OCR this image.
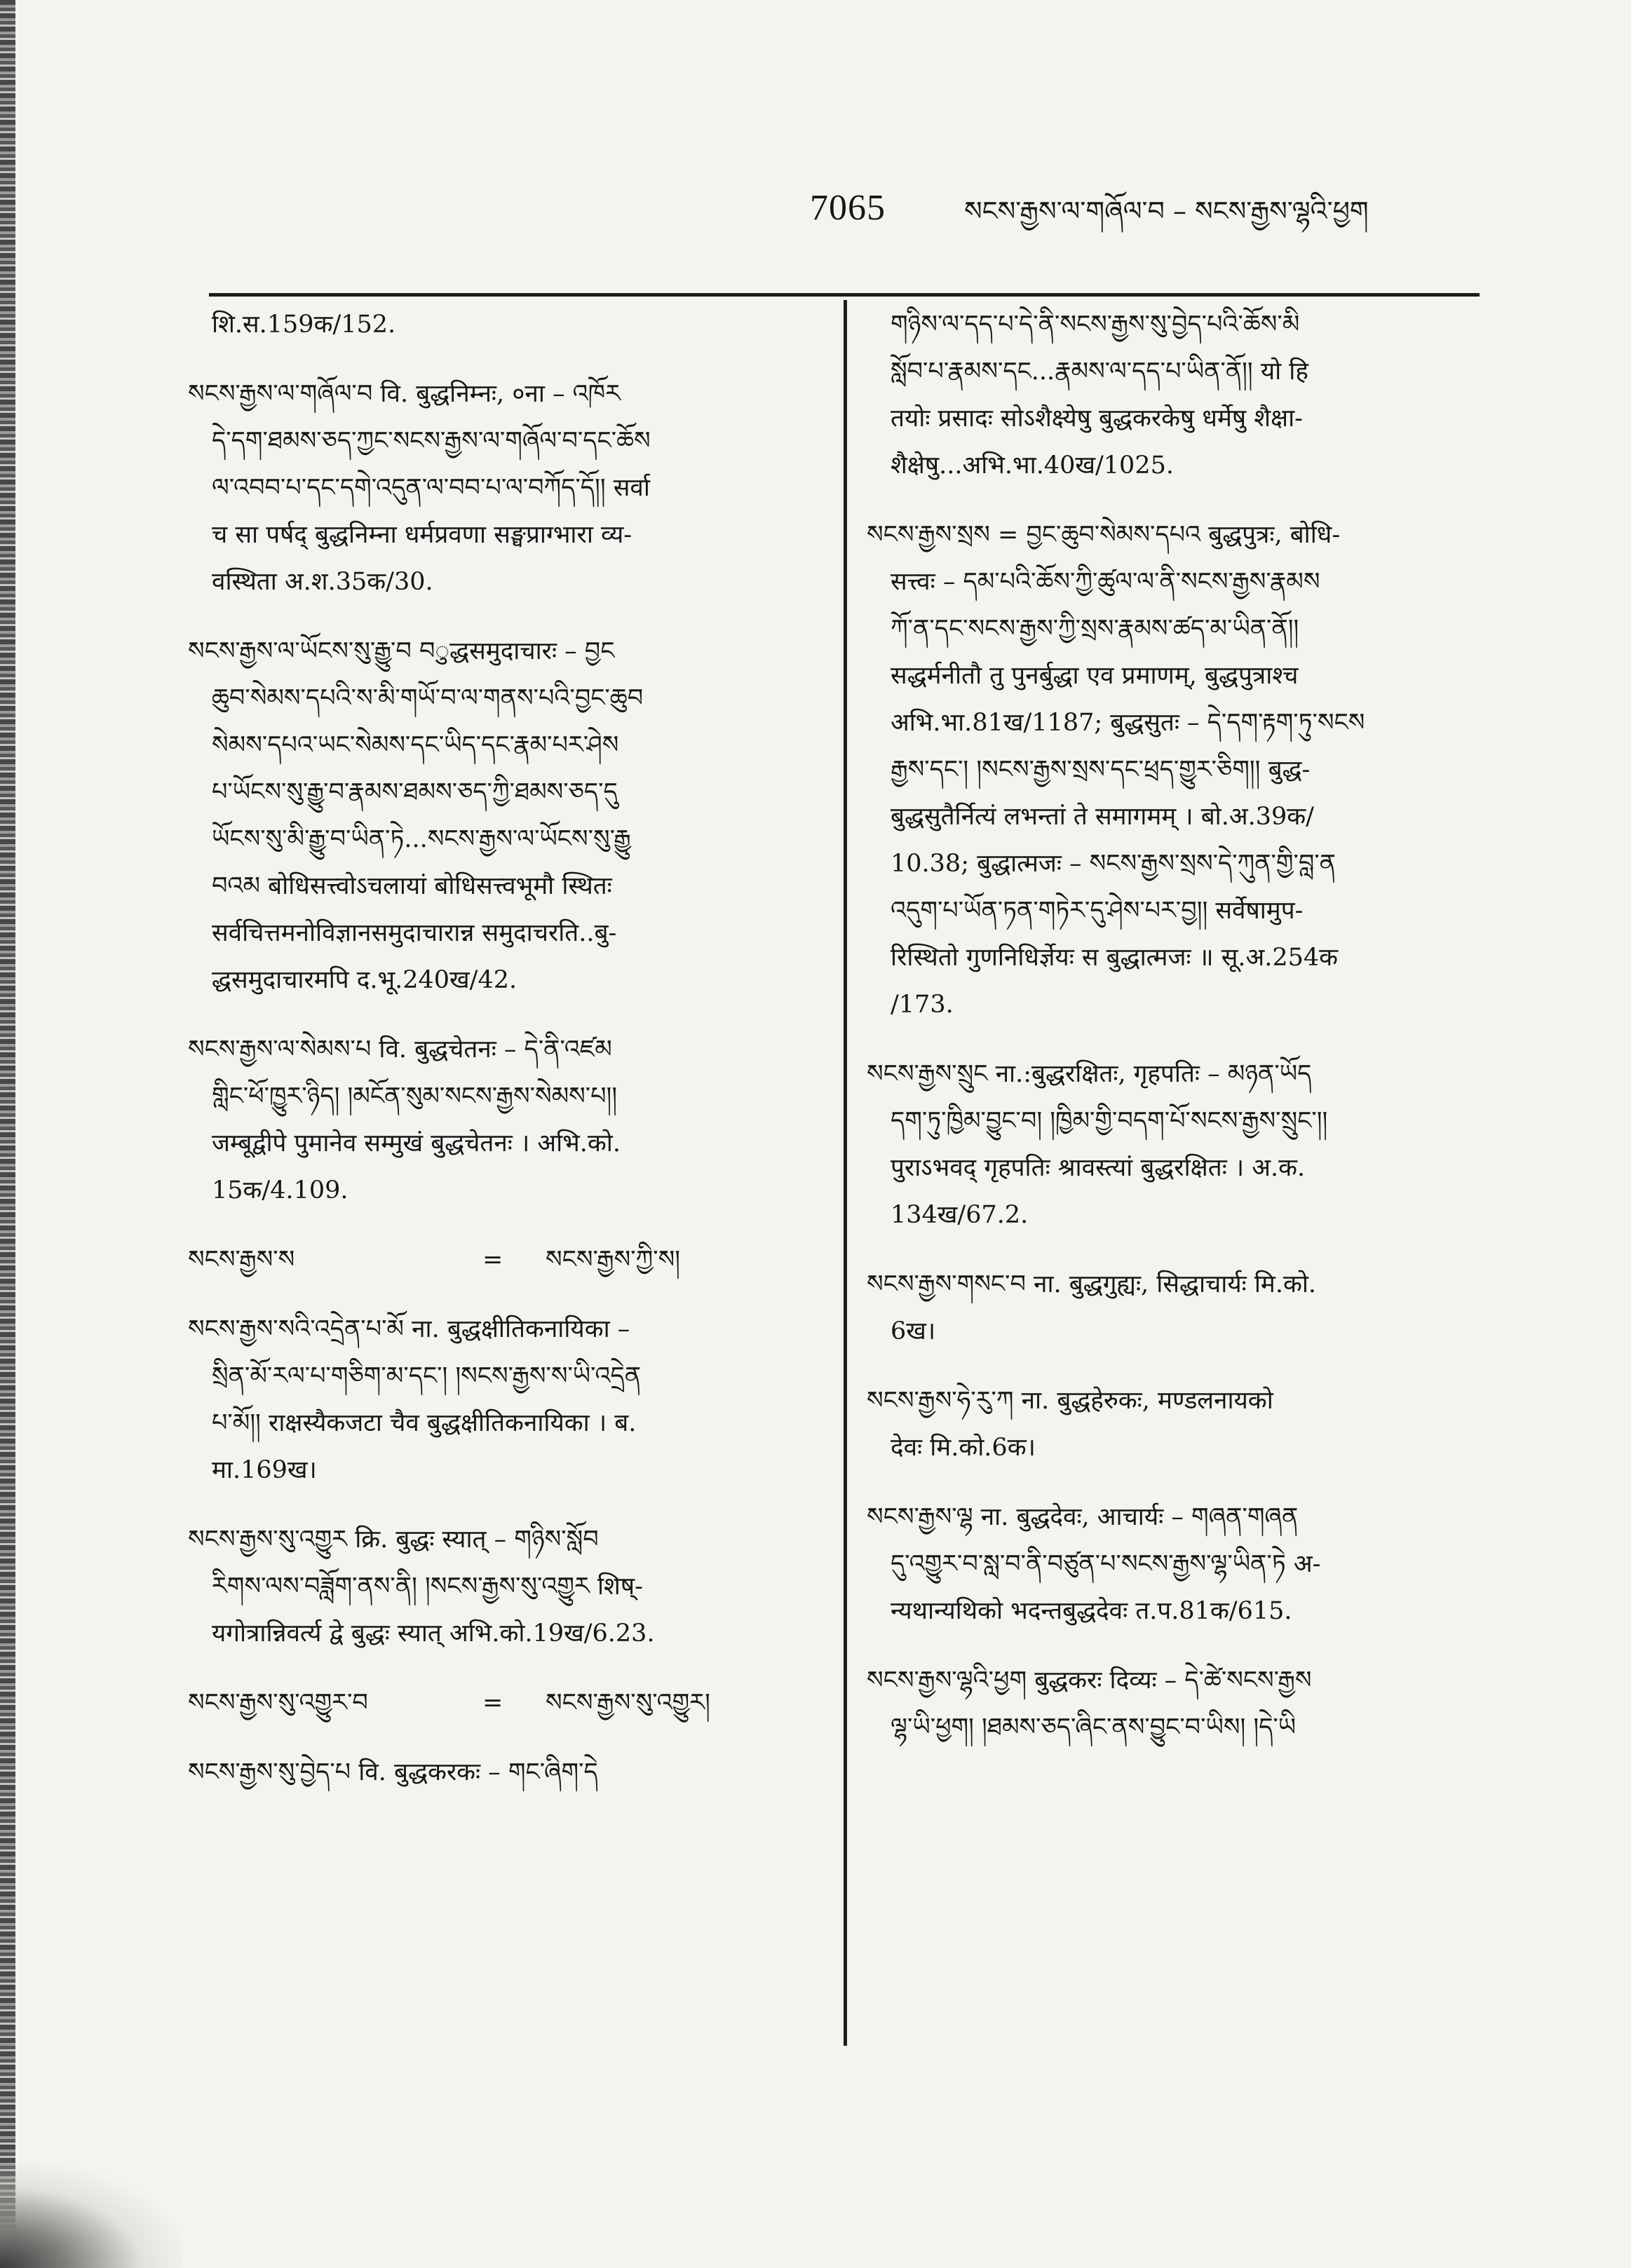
7065	སངས་རྒྱས་ལ་གཞོལ་བ – སངས་རྒྱས་ལྷའི་ཕྱག
शि.स.159क/152.
སངས་རྒྱས་ལ་གཞོལ་བ वि. बुद्धनिम्नः, ०ना – འཁོར
དེ་དག་ཐམས་ཅད་ཀྱང་སངས་རྒྱས་ལ་གཞོལ་བ་དང་ཆོས
ལ་འབབ་པ་དང་དགེ་འདུན་ལ་བབ་པ་ལ་བཀོད་དོ།། सर्वा
च सा पर्षद् बुद्धनिम्ना धर्मप्रवणा सङ्घप्राग्भारा व्य-
वस्थिता अ.श.35क/30.
སངས་རྒྱས་ལ་ཡོངས་སུ་རྒྱུ་བ བुद्धसमुदाचारः – བྱང
ཆུབ་སེམས་དཔའི་ས་མི་གཡོ་བ་ལ་གནས་པའི་བྱང་ཆུབ
སེམས་དཔའ་ཡང་སེམས་དང་ཡིད་དང་རྣམ་པར་ཤེས
པ་ཡོངས་སུ་རྒྱུ་བ་རྣམས་ཐམས་ཅད་ཀྱི་ཐམས་ཅད་དུ
ཡོངས་སུ་མི་རྒྱུ་བ་ཡིན་ཏེ...སངས་རྒྱས་ལ་ཡོངས་སུ་རྒྱུ
བའམ बोधिसत्त्वोऽचलायां बोधिसत्त्वभूमौ स्थितः
सर्वचित्तमनोविज्ञानसमुदाचारान्न समुदाचरति..बु-
द्धसमुदाचारमपि द.भू.240ख/42.
སངས་རྒྱས་ལ་སེམས་པ वि. बुद्धचेतनः – དེ་ནི་འཛམ
གླིང་ཕོ་ཁྱུར་ཉིད། །མངོན་སུམ་སངས་རྒྱས་སེམས་པ།།
जम्बूद्वीपे पुमानेव सम्मुखं बुद्धचेतनः । अभि.को.
15क/4.109.
སངས་རྒྱས་ས	=	སངས་རྒྱས་ཀྱི་ས།
སངས་རྒྱས་སའི་འདྲེན་པ་མོ ना. बुद्धक्षीतिकनायिका –
སྲིན་མོ་རལ་པ་གཅིག་མ་དང་། །སངས་རྒྱས་ས་ཡི་འདྲེན
པ་མོ།། राक्षस्यैकजटा चैव बुद्धक्षीतिकनायिका । ब.
मा.169ख।
སངས་རྒྱས་སུ་འགྱུར क्रि. बुद्धः स्यात् – གཉིས་སློབ
རིགས་ལས་བཟློག་ནས་ནི། །སངས་རྒྱས་སུ་འགྱུར शिष्-
यगोत्रान्निवर्त्य द्वे बुद्धः स्यात् अभि.को.19ख/6.23.
སངས་རྒྱས་སུ་འགྱུར་བ	=	སངས་རྒྱས་སུ་འགྱུར།
སངས་རྒྱས་སུ་བྱེད་པ वि. बुद्धकरकः – གང་ཞིག་དེ
གཉིས་ལ་དད་པ་དེ་ནི་སངས་རྒྱས་སུ་བྱེད་པའི་ཆོས་མི
སློབ་པ་རྣམས་དང...རྣམས་ལ་དད་པ་ཡིན་ནོ།། यो हि
तयोः प्रसादः सोऽशैक्ष्येषु बुद्धकरकेषु धर्मेषु शैक्षा-
शैक्षेषु...अभि.भा.40ख/1025.
སངས་རྒྱས་སྲས = བྱང་ཆུབ་སེམས་དཔའ बुद्धपुत्रः, बोधि-
सत्त्वः – དམ་པའི་ཆོས་ཀྱི་ཚུལ་ལ་ནི་སངས་རྒྱས་རྣམས
ཀོ་ན་དང་སངས་རྒྱས་ཀྱི་སྲས་རྣམས་ཚད་མ་ཡིན་ནོ།།
सद्धर्मनीतौ तु पुनर्बुद्धा एव प्रमाणम्, बुद्धपुत्राश्च
अभि.भा.81ख/1187; बुद्धसुतः – དེ་དག་རྟག་ཏུ་སངས
རྒྱས་དང་། །སངས་རྒྱས་སྲས་དང་ཕྲད་གྱུར་ཅིག།། बुद्ध-
बुद्धसुतैर्नित्यं लभन्तां ते समागमम् । बो.अ.39क/
10.38; बुद्धात्मजः – སངས་རྒྱས་སྲས་དེ་ཀུན་གྱི་བླ་ན
འདུག་པ་ཡོན་ཏན་གཏེར་དུ་ཤེས་པར་བྱ།། सर्वेषामुप-
रिस्थितो गुणनिधिर्ज्ञेयः स बुद्धात्मजः ॥ सू.अ.254क
/173.
སངས་རྒྱས་སྲུང ना.:बुद्धरक्षितः, गृहपतिः – མཉན་ཡོད
དག་ཏུ་ཁྱིམ་བྱུང་བ། །ཁྱིམ་གྱི་བདག་པོ་སངས་རྒྱས་སྲུང་།།
पुराऽभवद् गृहपतिः श्रावस्त्यां बुद्धरक्षितः । अ.क.
134ख/67.2.
སངས་རྒྱས་གསང་བ ना. बुद्धगुह्यः, सिद्धाचार्यः मि.को.
6ख।
སངས་རྒྱས་ཧེ་རུ་ཀ ना. बुद्धहेरुकः, मण्डलनायको
देवः मि.को.6क।
སངས་རྒྱས་ལྷ ना. बुद्धदेवः, आचार्यः – གཞན་གཞན
དུ་འགྱུར་བ་སླ་བ་ནི་བཙུན་པ་སངས་རྒྱས་ལྷ་ཡིན་ཏེ अ-
न्यथान्यथिको भदन्तबुद्धदेवः त.प.81क/615.
སངས་རྒྱས་ལྷའི་ཕྱག बुद्धकरः दिव्यः – དེ་ཚེ་སངས་རྒྱས
ལྷ་ཡི་ཕྱག། །ཐམས་ཅད་ཞིང་ནས་བྱུང་བ་ཡིས། །དེ་ཡི
